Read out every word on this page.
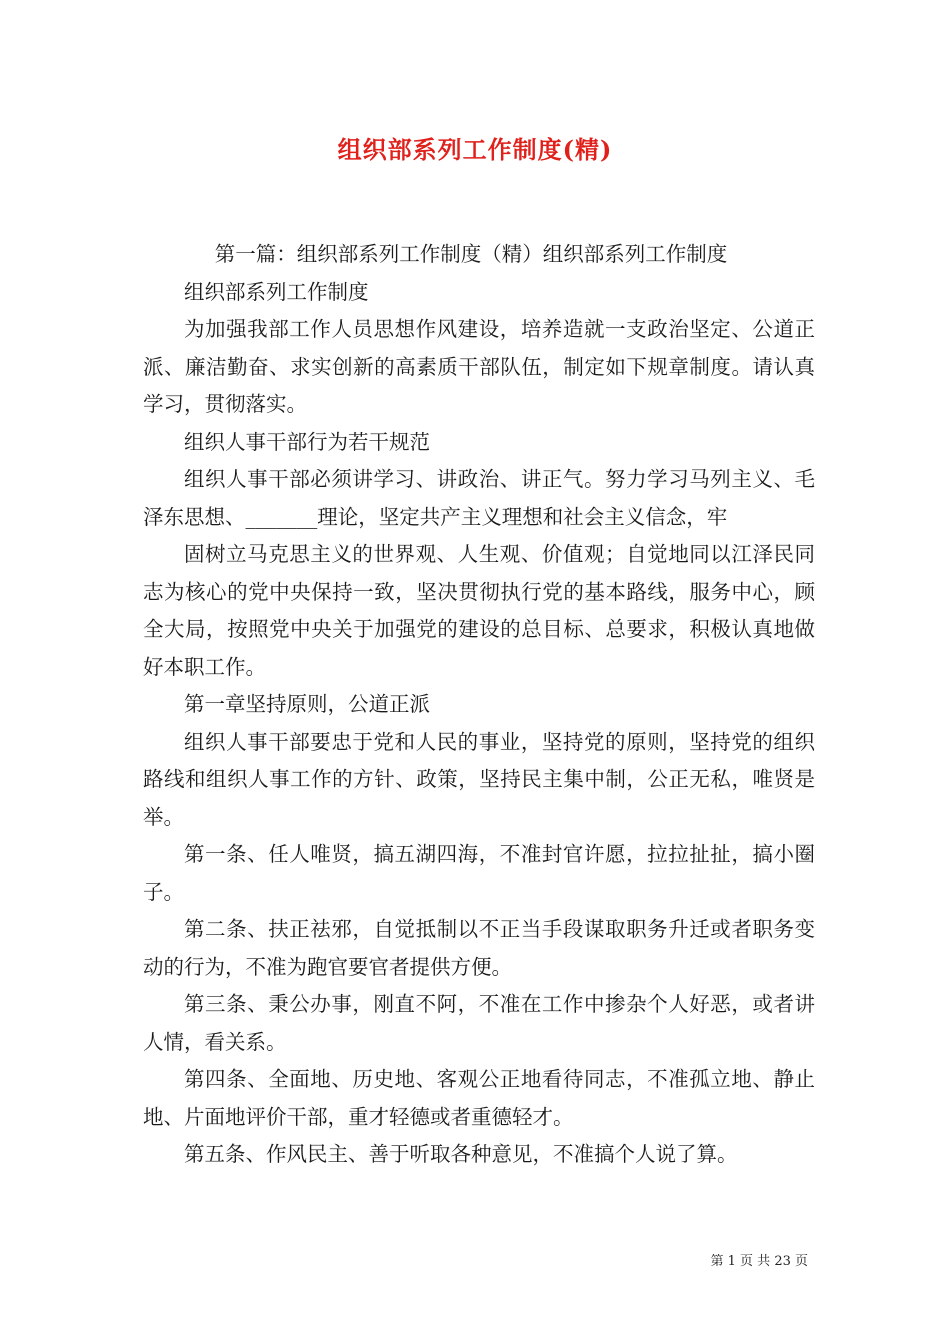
组织部系列工作制度(精)

第一篇：组织部系列工作制度（精）组织部系列工作制度

组织部系列工作制度

为加强我部工作人员思想作风建设，培养造就一支政治坚定、公道正派、廉洁勤奋、求实创新的高素质干部队伍，制定如下规章制度。请认真学习，贯彻落实。

组织人事干部行为若干规范

组织人事干部必须讲学习、讲政治、讲正气。努力学习马列主义、毛泽东思想、_______理论，坚定共产主义理想和社会主义信念，牢

固树立马克思主义的世界观、人生观、价值观；自觉地同以江泽民同志为核心的党中央保持一致，坚决贯彻执行党的基本路线，服务中心，顾全大局，按照党中央关于加强党的建设的总目标、总要求，积极认真地做好本职工作。

第一章坚持原则，公道正派

组织人事干部要忠于党和人民的事业，坚持党的原则，坚持党的组织路线和组织人事工作的方针、政策，坚持民主集中制，公正无私，唯贤是举。

第一条、任人唯贤，搞五湖四海，不准封官许愿，拉拉扯扯，搞小圈子。

第二条、扶正祛邪，自觉抵制以不正当手段谋取职务升迁或者职务变动的行为，不准为跑官要官者提供方便。

第三条、秉公办事，刚直不阿，不准在工作中掺杂个人好恶，或者讲人情，看关系。

第四条、全面地、历史地、客观公正地看待同志，不准孤立地、静止地、片面地评价干部，重才轻德或者重德轻才。

第五条、作风民主、善于听取各种意见，不准搞个人说了算。

第 1 页 共 23 页
